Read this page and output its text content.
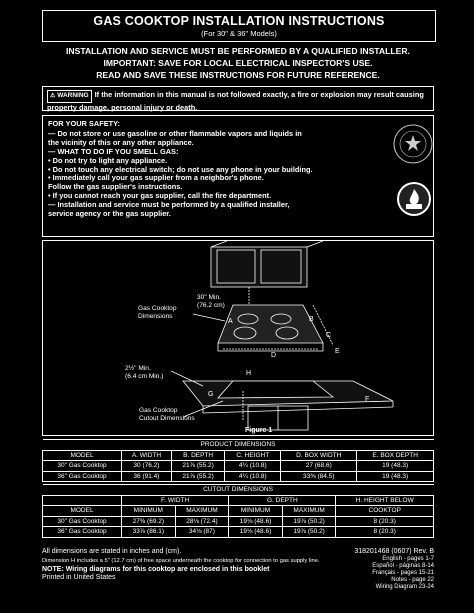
GAS COOKTOP INSTALLATION INSTRUCTIONS
(For 30" & 36" Models)
INSTALLATION AND SERVICE MUST BE PERFORMED BY A QUALIFIED INSTALLER.
IMPORTANT: SAVE FOR LOCAL ELECTRICAL INSPECTOR'S USE.
READ AND SAVE THESE INSTRUCTIONS FOR FUTURE REFERENCE.
⚠ WARNING If the information in this manual is not followed exactly, a fire or explosion may result causing property damage, personal injury or death.
FOR YOUR SAFETY:
— Do not store or use gasoline or other flammable vapors and liquids in
the vicinity of this or any other appliance.
— WHAT TO DO IF YOU SMELL GAS:
• Do not try to light any appliance.
• Do not touch any electrical switch; do not use any phone in your building.
• Immediately call your gas supplier from a neighbor's phone.
Follow the gas supplier's instructions.
• If you cannot reach your gas supplier, call the fire department.
— Installation and service must be performed by a qualified installer,
service agency or the gas supplier.
A	B
C
D
E
F
G
H
30" Min.
(76.2 cm)
Gas Cooktop
Dimensions
2½" Min.
(6.4 cm Min.)
Gas Cooktop
Cutout Dimensions
Figure 1
PRODUCT DIMENSIONS					
MODEL	A. WIDTH	B. DEPTH	C. HEIGHT	D. BOX WIDTH	E. BOX DEPTH
30" Gas Cooktop	30 (76.2)	21⅞ (55.2)	4¼ (10.8)	27 (68.6)	19 (48.3)
36" Gas Cooktop	36 (91.4)	21⅞ (55.2)	4¼ (10.8)	33⅜ (84.5)	19 (48.3)
CUTOUT DIMENSIONS					
	F. WIDTH		G. DEPTH		H. HEIGHT BELOW
MODEL	MINIMUM	MAXIMUM	MINIMUM	MAXIMUM	COOKTOP
30" Gas Cooktop	27⅜ (69.2)	28⅛ (72.4)	19⅛ (48.6)	19⅞ (50.2)	8 (20.3)
36" Gas Cooktop	33⅞ (86.1)	34⅛ (87)	19⅛ (48.6)	19⅞ (50.2)	8 (20.3)
All dimensions are stated in inches and (cm).
Dimension H includes a 5" (12.7 cm) of free space underneath the cooktop for connection to gas supply line.
NOTE: Wiring diagrams for this cooktop are enclosed in this booklet
Printed in United States
318201468 (0607) Rev. B
English - pages 1-7
Español - páginas 8-14
Français - pages 15-21
Notes - page 22
Wiring Diagram 23-24
